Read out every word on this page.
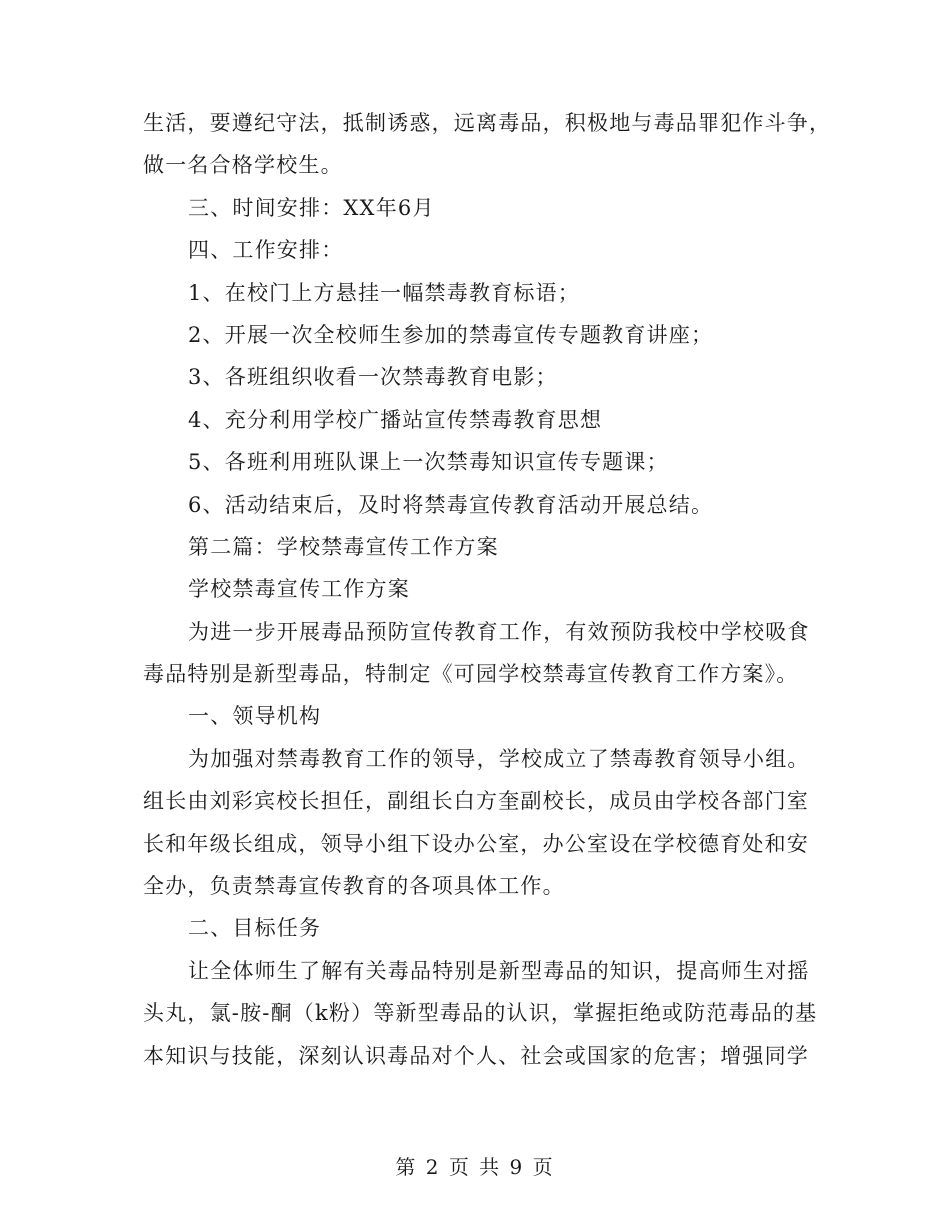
生活，要遵纪守法，抵制诱惑，远离毒品，积极地与毒品罪犯作斗争，
做一名合格学校生。
三、时间安排：XX年6月
四、工作安排：
1、在校门上方悬挂一幅禁毒教育标语；
2、开展一次全校师生参加的禁毒宣传专题教育讲座；
3、各班组织收看一次禁毒教育电影；
4、充分利用学校广播站宣传禁毒教育思想
5、各班利用班队课上一次禁毒知识宣传专题课；
6、活动结束后，及时将禁毒宣传教育活动开展总结。
第二篇：学校禁毒宣传工作方案
学校禁毒宣传工作方案
为进一步开展毒品预防宣传教育工作，有效预防我校中学校吸食
毒品特别是新型毒品，特制定《可园学校禁毒宣传教育工作方案》。
一、领导机构
为加强对禁毒教育工作的领导，学校成立了禁毒教育领导小组。
组长由刘彩宾校长担任，副组长白方奎副校长，成员由学校各部门室
长和年级长组成，领导小组下设办公室，办公室设在学校德育处和安
全办，负责禁毒宣传教育的各项具体工作。
二、目标任务
让全体师生了解有关毒品特别是新型毒品的知识，提高师生对摇
头丸，氯-胺-酮（k粉）等新型毒品的认识，掌握拒绝或防范毒品的基
本知识与技能，深刻认识毒品对个人、社会或国家的危害；增强同学
第 2 页 共 9 页
